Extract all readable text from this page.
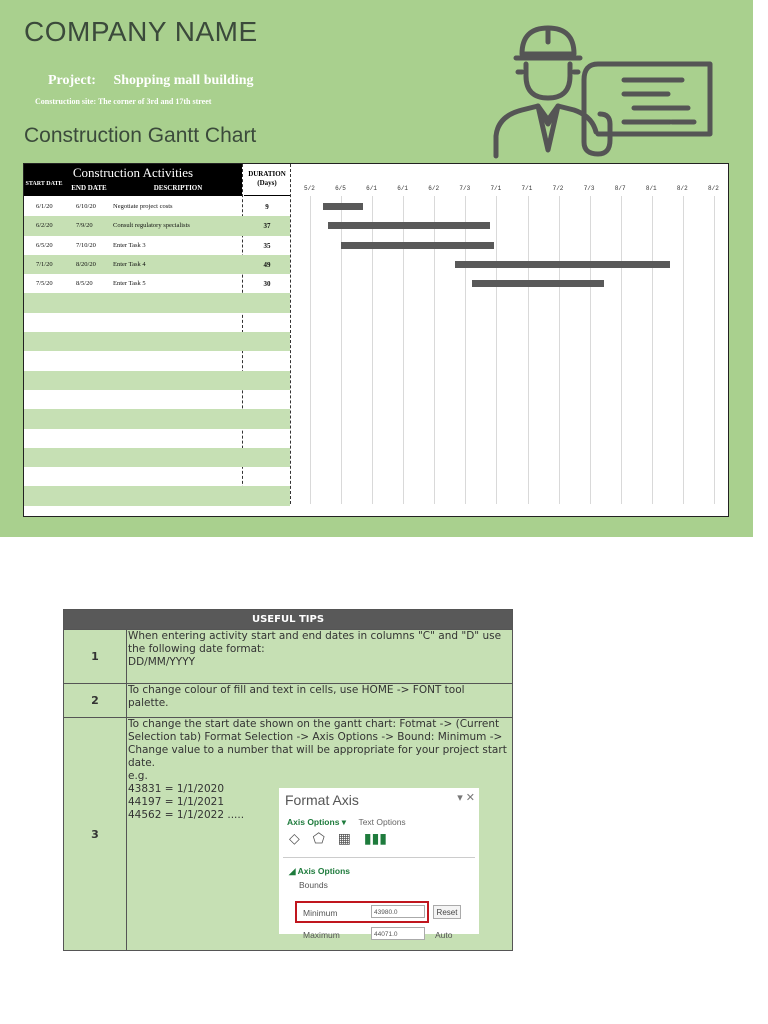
COMPANY NAME
Project: Shopping mall building
Construction site: The corner of 3rd and 17th street
Construction Gantt Chart
Construction Activities
START DATE	END DATE	DESCRIPTION
DURATION (Days)
6/1/20	6/10/20	Negotiate project costs	9
6/2/20	7/9/20	Consult regulatory specialists	37
6/5/20	7/10/20	Enter Task 3	35
7/1/20	8/20/20	Enter Task 4	49
7/5/20	8/5/20	Enter Task 5	30
5/2	6/5	6/1	6/1	6/2	7/3	7/1	7/1	7/2	7/3	8/7	8/1	8/2	8/2
USEFUL TIPS
1
When entering activity start and end dates in columns "C" and "D" use the following date format:
DD/MM/YYYY
2
To change colour of fill and text in cells, use HOME -> FONT tool palette.
3
To change the start date shown on the gantt chart: Fotmat -> (Current Selection tab) Format Selection -> Axis Options -> Bound: Minimum -> Change value to a number that will be appropriate for your project start date.
e.g.
43831 = 1/1/2020
44197 = 1/1/2021
44562 = 1/1/2022 .....
Format Axis	▾ ✕
Axis Options ▾ Text Options
◇ ⬠ ▦ ▮▮▮
◢ Axis Options
Bounds
Minimum	43980.0	Reset
Maximum	44071.0	Auto
